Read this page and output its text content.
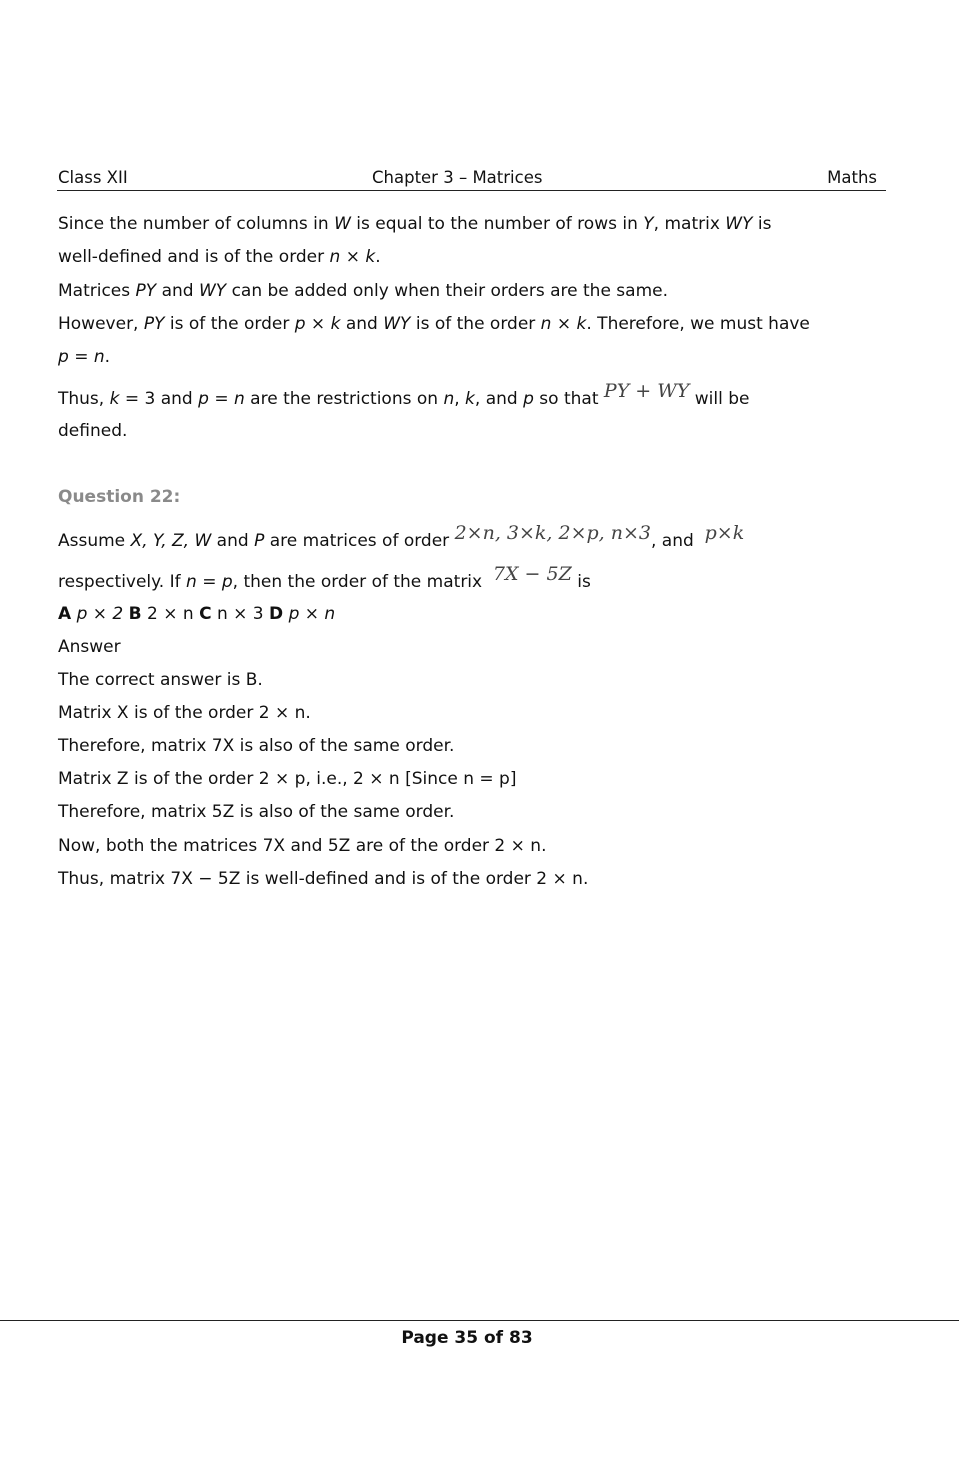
Class XII	Chapter 3 – Matrices	Maths
Since the number of columns in W is equal to the number of rows in Y, matrix WY is
well-defined and is of the order n × k.
Matrices PY and WY can be added only when their orders are the same.
However, PY is of the order p × k and WY is of the order n × k. Therefore, we must have
p = n.
Thus, k = 3 and p = n are the restrictions on n, k, and p so that PY + WY will be
defined.
Question 22:
Assume X, Y, Z, W and P are matrices of order 2×n, 3×k, 2×p, n×3, and  p×k
respectively. If n = p, then the order of the matrix  7X − 5Z is
A p × 2 B 2 × n C n × 3 D p × n
Answer
The correct answer is B.
Matrix X is of the order 2 × n.
Therefore, matrix 7X is also of the same order.
Matrix Z is of the order 2 × p, i.e., 2 × n [Since n = p]
Therefore, matrix 5Z is also of the same order.
Now, both the matrices 7X and 5Z are of the order 2 × n.
Thus, matrix 7X − 5Z is well-defined and is of the order 2 × n.
Page 35 of 83
